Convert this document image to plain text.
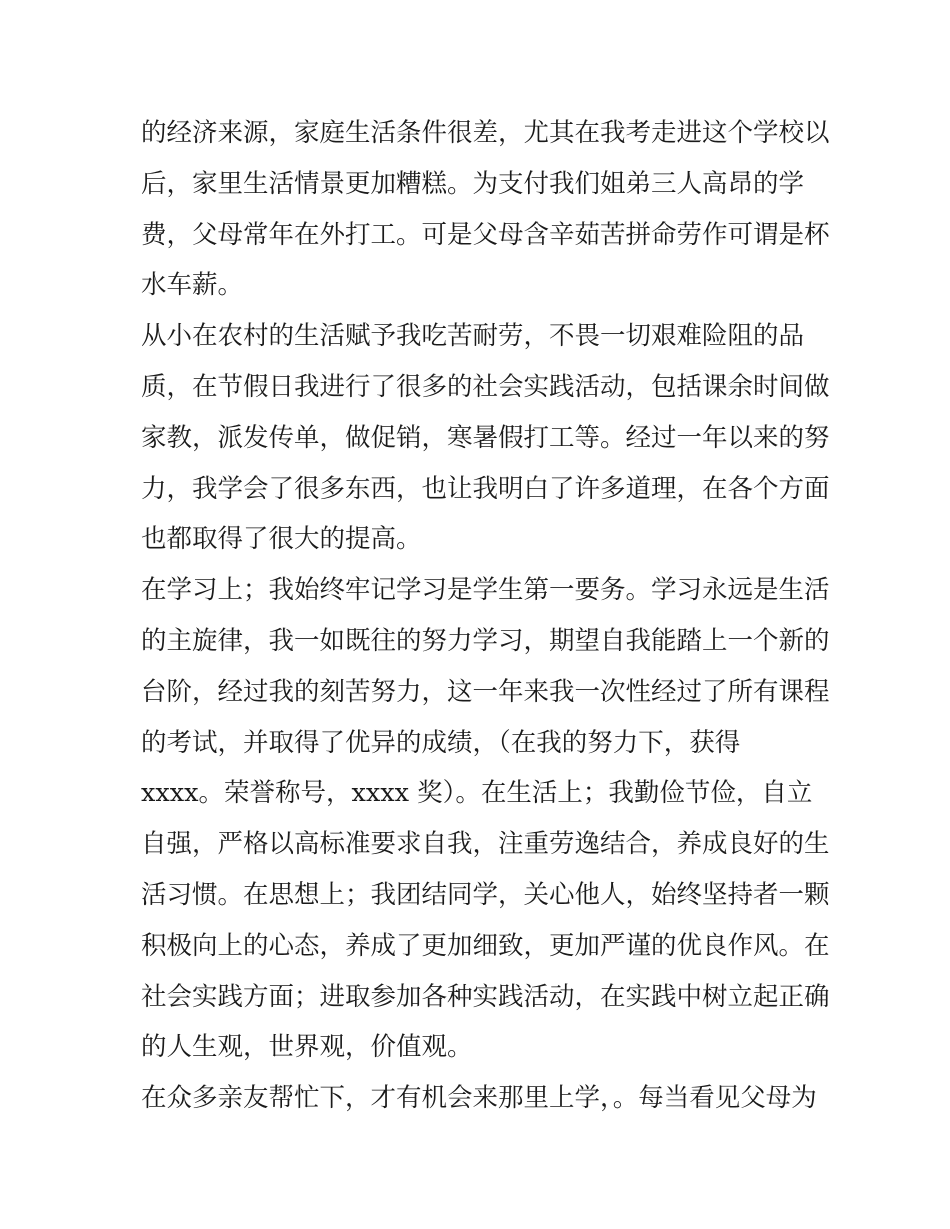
的经济来源，家庭生活条件很差，尤其在我考走进这个学校以
后，家里生活情景更加糟糕。为支付我们姐弟三人高昂的学
费，父母常年在外打工。可是父母含辛茹苦拼命劳作可谓是杯
水车薪。
从小在农村的生活赋予我吃苦耐劳，不畏一切艰难险阻的品
质，在节假日我进行了很多的社会实践活动，包括课余时间做
家教，派发传单，做促销，寒暑假打工等。经过一年以来的努
力，我学会了很多东西，也让我明白了许多道理，在各个方面
也都取得了很大的提高。
在学习上；我始终牢记学习是学生第一要务。学习永远是生活
的主旋律，我一如既往的努力学习，期望自我能踏上一个新的
台阶，经过我的刻苦努力，这一年来我一次性经过了所有课程
的考试，并取得了优异的成绩，（在我的努力下，获得
xxxx。荣誉称号，xxxx 奖）。在生活上；我勤俭节俭，自立
自强，严格以高标准要求自我，注重劳逸结合，养成良好的生
活习惯。在思想上；我团结同学，关心他人，始终坚持者一颗
积极向上的心态，养成了更加细致，更加严谨的优良作风。在
社会实践方面；进取参加各种实践活动，在实践中树立起正确
的人生观，世界观，价值观。
在众多亲友帮忙下，才有机会来那里上学，。每当看见父母为
